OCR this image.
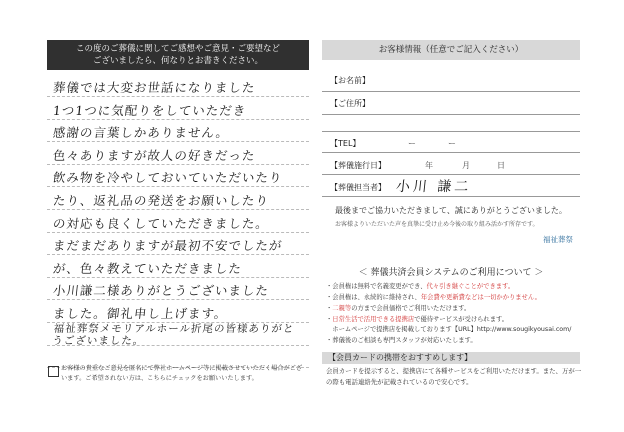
この度のご葬儀に関してご感想やご意見・ご要望など
ございましたら、何なりとお書きください。
葬儀では大変お世話になりました
1つ1つに気配りをしていただき
感謝の言葉しかありません。
色々ありますが故人の好きだった
飲み物を冷やしておいていただいたり
たり、返礼品の発送をお願いしたり
の対応も良くしていただきました。
まだまだありますが最初不安でしたが
が、色々教えていただきました
小川謙二様ありがとうございました
ました。御礼申し上げます。
福祉葬祭メモリアルホール折尾の皆様ありがとうございました。
お客様の貴重なご意見を匿名にて弊社ホームページ等に掲載させていただく場合がございます。ご希望されない方は、こちらにチェックをお願いいたします。
お客様情報（任意でご記入ください）
【お名前】
【ご住所】
【TEL】	ー	ー
【葬儀施行日】	年	月	日
【葬儀担当者】 小川 謙二
最後までご協力いただきまして、誠にありがとうございました。
お客様よりいただいた声を真摯に受け止め今後の取り組み活かす所存です。
福祉葬祭
＜ 葬儀共済会員システムのご利用について ＞
・会員権は無料で名義変更ができ、代々引き継ぐことができます。
・会員権は、永続的に維持され、年会費や更新費などは一切かかりません。
・二親等の方まで会員価格でご利用いただけます。
・日常生活で活用できる提携店で優待サービスが受けられます。
　ホームページで提携店を掲載しております【URL】http://www.sougikyousai.com/
・葬儀後のご相談も専門スタッフが対応いたします。
【会員カードの携帯をおすすめします】
会員カードを提示すると、提携店にて各種サービスをご利用いただけます。また、万が一の際も電話連絡先が記載されているので安心です。
